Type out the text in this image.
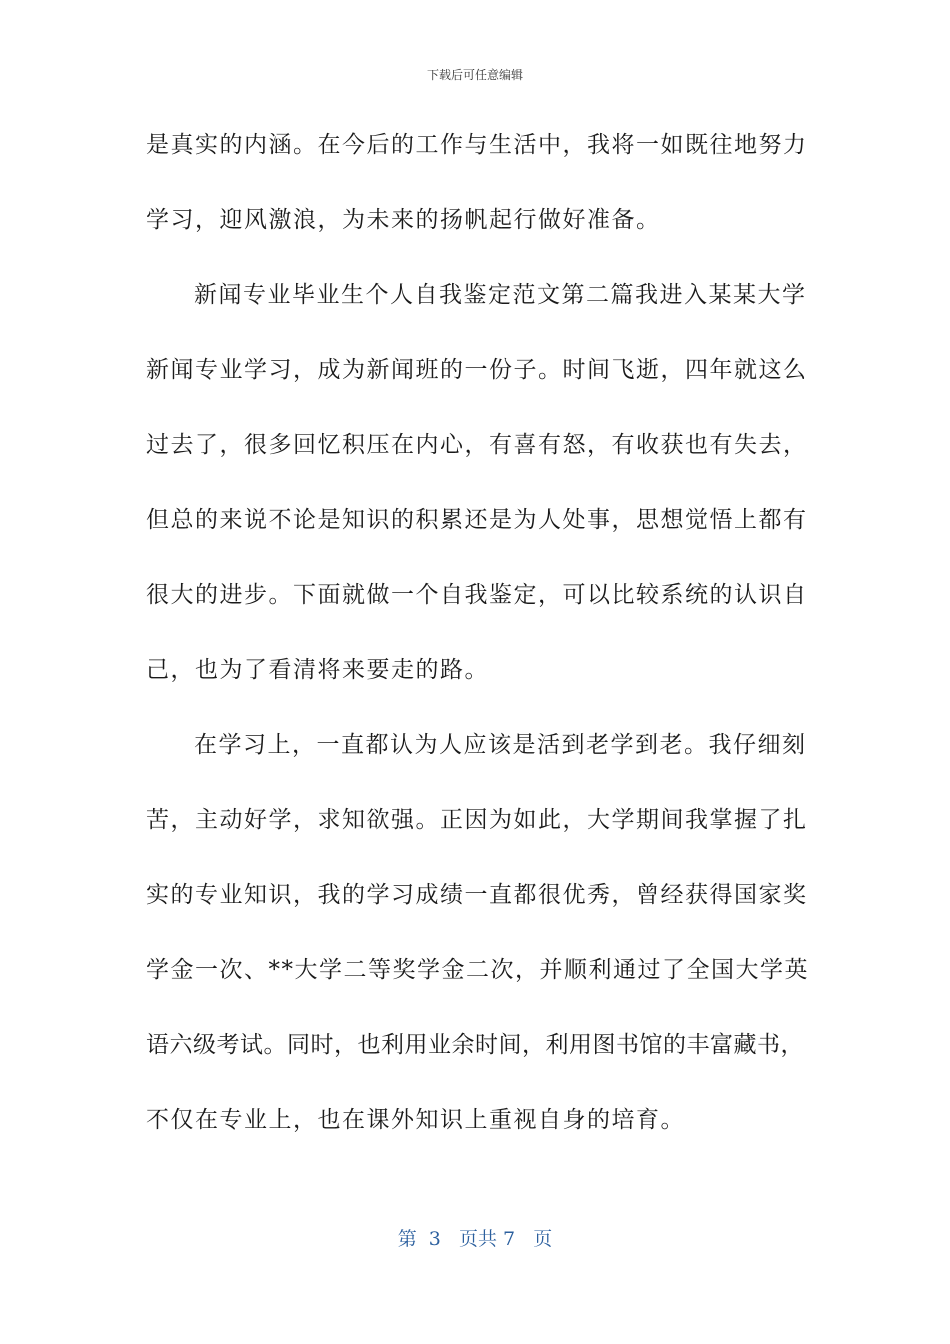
下载后可任意编辑
是真实的内涵。在今后的工作与生活中，我将一如既往地努力
学习，迎风激浪，为未来的扬帆起行做好准备。
新闻专业毕业生个人自我鉴定范文第二篇我进入某某大学
新闻专业学习，成为新闻班的一份子。时间飞逝，四年就这么
过去了，很多回忆积压在内心，有喜有怒，有收获也有失去，
但总的来说不论是知识的积累还是为人处事，思想觉悟上都有
很大的进步。下面就做一个自我鉴定，可以比较系统的认识自
己，也为了看清将来要走的路。
在学习上，一直都认为人应该是活到老学到老。我仔细刻
苦，主动好学，求知欲强。正因为如此，大学期间我掌握了扎
实的专业知识，我的学习成绩一直都很优秀，曾经获得国家奖
学金一次、**大学二等奖学金二次，并顺利通过了全国大学英
语六级考试。同时，也利用业余时间，利用图书馆的丰富藏书，
不仅在专业上，也在课外知识上重视自身的培育。
第  3   页共 7   页
